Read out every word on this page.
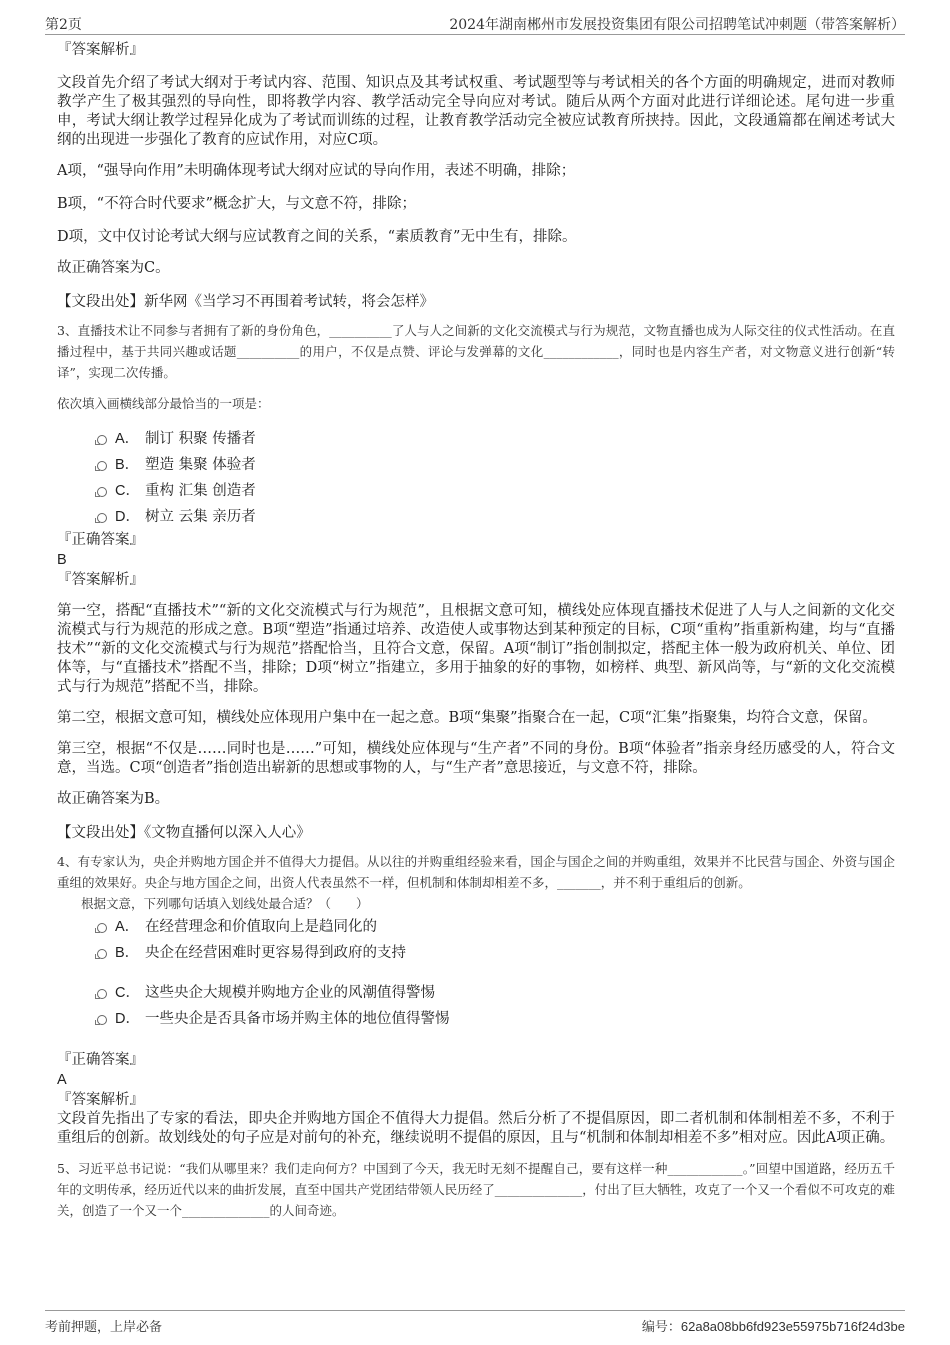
第2页	2024年湖南郴州市发展投资集团有限公司招聘笔试冲刺题（带答案解析）
『答案解析』

文段首先介绍了考试大纲对于考试内容、范围、知识点及其考试权重、考试题型等与考试相关的各个方面的明确规定，进而对教师教学产生了极其强烈的导向性，即将教学内容、教学活动完全导向应对考试。随后从两个方面对此进行详细论述。尾句进一步重申，考试大纲让教学过程异化成为了考试而训练的过程，让教育教学活动完全被应试教育所挟持。因此，文段通篇都在阐述考试大纲的出现进一步强化了教育的应试作用，对应C项。

A项，“强导向作用”未明确体现考试大纲对应试的导向作用，表述不明确，排除；

B项，“不符合时代要求”概念扩大，与文意不符，排除；

D项，文中仅讨论考试大纲与应试教育之间的关系，“素质教育”无中生有，排除。

故正确答案为C。

【文段出处】新华网《当学习不再围着考试转，将会怎样》

3、直播技术让不同参与者拥有了新的身份角色，__________了人与人之间新的文化交流模式与行为规范，文物直播也成为人际交往的仪式性活动。在直播过程中，基于共同兴趣或话题__________的用户，不仅是点赞、评论与发弹幕的文化____________，同时也是内容生产者，对文物意义进行创新“转译”，实现二次传播。

依次填入画横线部分最恰当的一项是：

A． 制订 积聚 传播者
B． 塑造 集聚 体验者
C． 重构 汇集 创造者
D． 树立 云集 亲历者
『正确答案』
B
『答案解析』

第一空，搭配“直播技术”“新的文化交流模式与行为规范”，且根据文意可知，横线处应体现直播技术促进了人与人之间新的文化交流模式与行为规范的形成之意。B项“塑造”指通过培养、改造使人或事物达到某种预定的目标，C项“重构”指重新构建，均与“直播技术”“新的文化交流模式与行为规范”搭配恰当，且符合文意，保留。A项“制订”指创制拟定，搭配主体一般为政府机关、单位、团体等，与“直播技术”搭配不当，排除；D项“树立”指建立，多用于抽象的好的事物，如榜样、典型、新风尚等，与“新的文化交流模式与行为规范”搭配不当，排除。

第二空，根据文意可知，横线处应体现用户集中在一起之意。B项“集聚”指聚合在一起，C项“汇集”指聚集，均符合文意，保留。

第三空，根据“不仅是……同时也是……”可知，横线处应体现与“生产者”不同的身份。B项“体验者”指亲身经历感受的人，符合文意，当选。C项“创造者”指创造出崭新的思想或事物的人，与“生产者”意思接近，与文意不符，排除。

故正确答案为B。

【文段出处】《文物直播何以深入人心》

4、有专家认为，央企并购地方国企并不值得大力提倡。从以往的并购重组经验来看，国企与国企之间的并购重组，效果并不比民营与国企、外资与国企重组的效果好。央企与地方国企之间，出资人代表虽然不一样，但机制和体制却相差不多，_______，并不利于重组后的创新。

根据文意，下列哪句话填入划线处最合适？（　　）

A． 在经营理念和价值取向上是趋同化的
B． 央企在经营困难时更容易得到政府的支持
C． 这些央企大规模并购地方企业的风潮值得警惕
D． 一些央企是否具备市场并购主体的地位值得警惕
『正确答案』
A
『答案解析』

文段首先指出了专家的看法，即央企并购地方国企不值得大力提倡。然后分析了不提倡原因，即二者机制和体制相差不多，不利于重组后的创新。故划线处的句子应是对前句的补充，继续说明不提倡的原因，且与“机制和体制却相差不多”相对应。因此A项正确。

5、习近平总书记说：“我们从哪里来？我们走向何方？中国到了今天，我无时无刻不提醒自己，要有这样一种____________。”回望中国道路，经历五千年的文明传承，经历近代以来的曲折发展，直至中国共产党团结带领人民历经了______________，付出了巨大牺牲，攻克了一个又一个看似不可攻克的难关，创造了一个又一个______________的人间奇迹。

考前押题，上岸必备	编号：62a8a08bb6fd923e55975b716f24d3be
